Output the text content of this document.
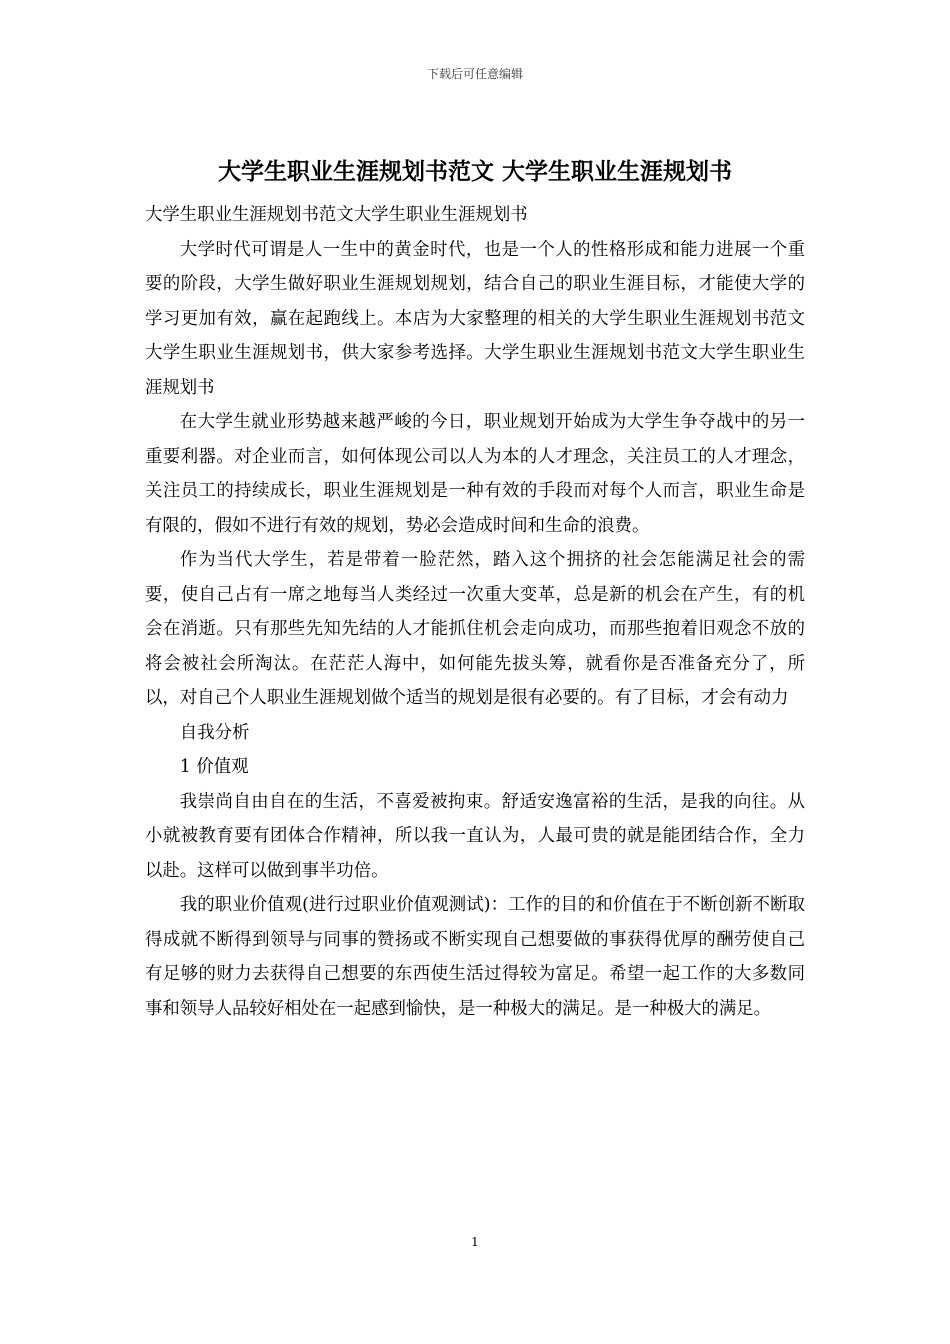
下载后可任意编辑
大学生职业生涯规划书范文 大学生职业生涯规划书

大学生职业生涯规划书范文大学生职业生涯规划书

大学时代可谓是人一生中的黄金时代，也是一个人的性格形成和能力进展一个重要的阶段，大学生做好职业生涯规划规划，结合自己的职业生涯目标，才能使大学的学习更加有效，赢在起跑线上。本店为大家整理的相关的大学生职业生涯规划书范文大学生职业生涯规划书，供大家参考选择。大学生职业生涯规划书范文大学生职业生涯规划书

在大学生就业形势越来越严峻的今日，职业规划开始成为大学生争夺战中的另一重要利器。对企业而言，如何体现公司以人为本的人才理念，关注员工的人才理念，关注员工的持续成长，职业生涯规划是一种有效的手段而对每个人而言，职业生命是有限的，假如不进行有效的规划，势必会造成时间和生命的浪费。

作为当代大学生，若是带着一脸茫然，踏入这个拥挤的社会怎能满足社会的需要，使自己占有一席之地每当人类经过一次重大变革，总是新的机会在产生，有的机会在消逝。只有那些先知先结的人才能抓住机会走向成功，而那些抱着旧观念不放的将会被社会所淘汰。在茫茫人海中，如何能先拔头筹，就看你是否准备充分了，所以，对自己个人职业生涯规划做个适当的规划是很有必要的。有了目标，才会有动力

自我分析

1 价值观

我崇尚自由自在的生活，不喜爱被拘束。舒适安逸富裕的生活，是我的向往。从小就被教育要有团体合作精神，所以我一直认为，人最可贵的就是能团结合作，全力以赴。这样可以做到事半功倍。

我的职业价值观(进行过职业价值观测试)：工作的目的和价值在于不断创新不断取得成就不断得到领导与同事的赞扬或不断实现自己想要做的事获得优厚的酬劳使自己有足够的财力去获得自己想要的东西使生活过得较为富足。希望一起工作的大多数同事和领导人品较好相处在一起感到愉快，是一种极大的满足。是一种极大的满足。

1
